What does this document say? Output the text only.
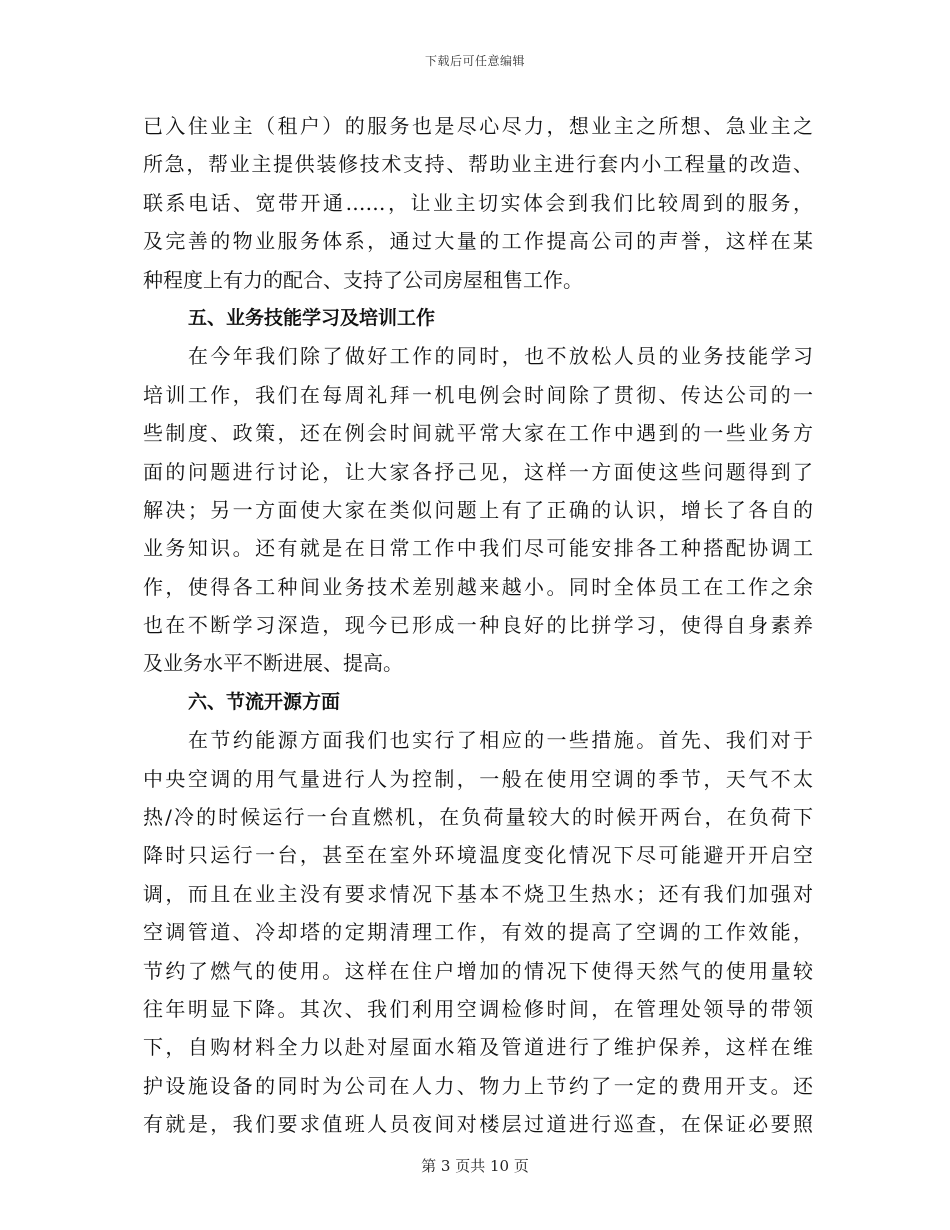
下载后可任意编辑
已入住业主（租户）的服务也是尽心尽力，想业主之所想、急业主之
所急，帮业主提供装修技术支持、帮助业主进行套内小工程量的改造、
联系电话、宽带开通……，让业主切实体会到我们比较周到的服务，
及完善的物业服务体系，通过大量的工作提高公司的声誉，这样在某
种程度上有力的配合、支持了公司房屋租售工作。
五、业务技能学习及培训工作
在今年我们除了做好工作的同时，也不放松人员的业务技能学习
培训工作，我们在每周礼拜一机电例会时间除了贯彻、传达公司的一
些制度、政策，还在例会时间就平常大家在工作中遇到的一些业务方
面的问题进行讨论，让大家各抒己见，这样一方面使这些问题得到了
解决；另一方面使大家在类似问题上有了正确的认识，增长了各自的
业务知识。还有就是在日常工作中我们尽可能安排各工种搭配协调工
作，使得各工种间业务技术差别越来越小。同时全体员工在工作之余
也在不断学习深造，现今已形成一种良好的比拼学习，使得自身素养
及业务水平不断进展、提高。
六、节流开源方面
在节约能源方面我们也实行了相应的一些措施。首先、我们对于
中央空调的用气量进行人为控制，一般在使用空调的季节，天气不太
热/冷的时候运行一台直燃机，在负荷量较大的时候开两台，在负荷下
降时只运行一台，甚至在室外环境温度变化情况下尽可能避开开启空
调，而且在业主没有要求情况下基本不烧卫生热水；还有我们加强对
空调管道、冷却塔的定期清理工作，有效的提高了空调的工作效能，
节约了燃气的使用。这样在住户增加的情况下使得天然气的使用量较
往年明显下降。其次、我们利用空调检修时间，在管理处领导的带领
下，自购材料全力以赴对屋面水箱及管道进行了维护保养，这样在维
护设施设备的同时为公司在人力、物力上节约了一定的费用开支。还
有就是，我们要求值班人员夜间对楼层过道进行巡查，在保证必要照
第 3 页共 10 页
